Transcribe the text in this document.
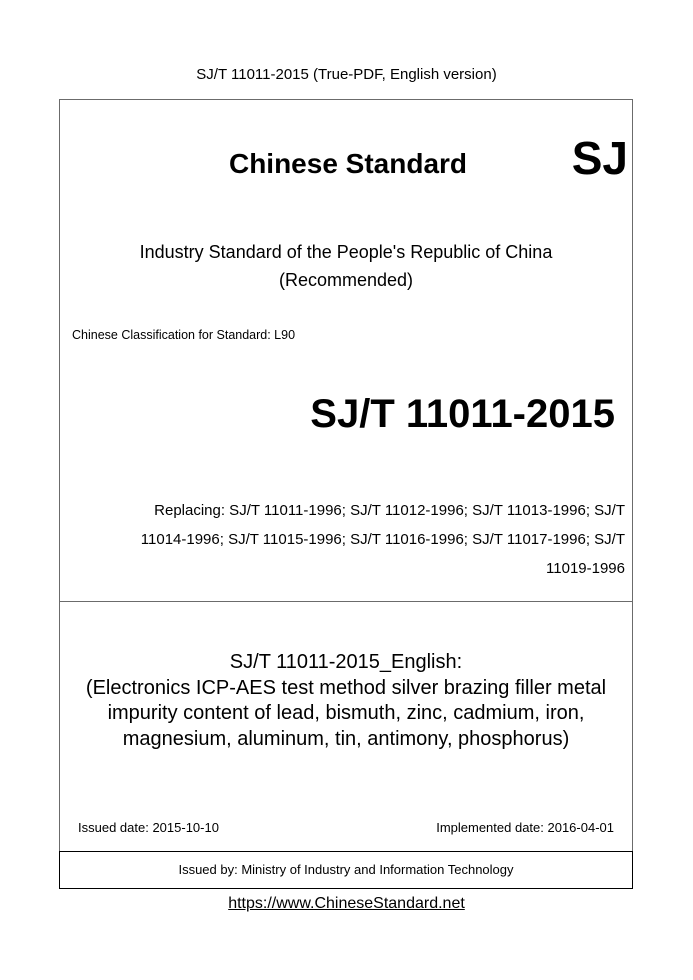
SJ/T 11011-2015 (True-PDF, English version)
Chinese Standard	SJ
Industry Standard of the People's Republic of China
(Recommended)
Chinese Classification for Standard: L90
SJ/T 11011-2015
Replacing: SJ/T 11011-1996; SJ/T 11012-1996; SJ/T 11013-1996; SJ/T
11014-1996; SJ/T 11015-1996; SJ/T 11016-1996; SJ/T 11017-1996; SJ/T
11019-1996
SJ/T 11011-2015_English:
(Electronics ICP-AES test method silver brazing filler metal
impurity content of lead, bismuth, zinc, cadmium, iron,
magnesium, aluminum, tin, antimony, phosphorus)
Issued date: 2015-10-10	Implemented date: 2016-04-01
Issued by: Ministry of Industry and Information Technology
https://www.ChineseStandard.net
